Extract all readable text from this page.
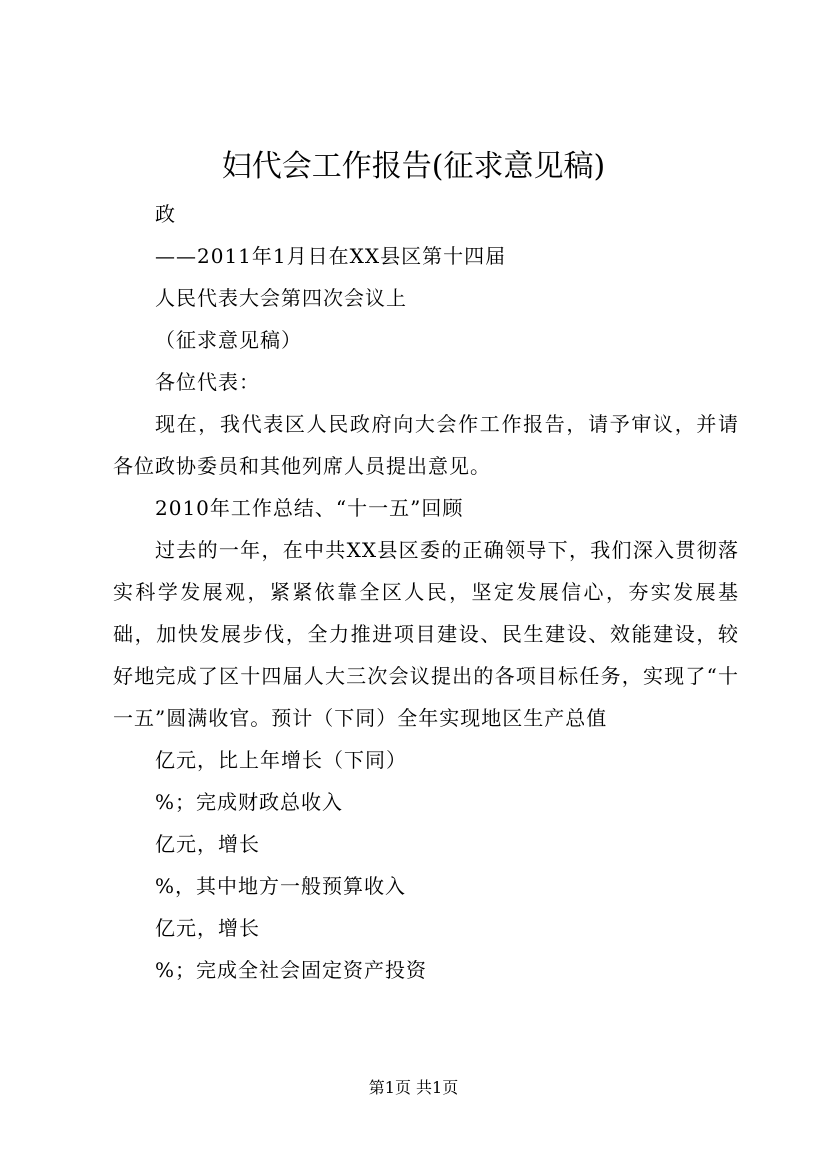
妇代会工作报告(征求意见稿)

政

——2011年1月日在XX县区第十四届

人民代表大会第四次会议上

（征求意见稿）

各位代表：

现在，我代表区人民政府向大会作工作报告，请予审议，并请各位政协委员和其他列席人员提出意见。

2010年工作总结、“十一五”回顾

过去的一年，在中共XX县区委的正确领导下，我们深入贯彻落实科学发展观，紧紧依靠全区人民，坚定发展信心，夯实发展基础，加快发展步伐，全力推进项目建设、民生建设、效能建设，较好地完成了区十四届人大三次会议提出的各项目标任务，实现了“十一五”圆满收官。预计（下同）全年实现地区生产总值

亿元，比上年增长（下同）

%；完成财政总收入

亿元，增长

%，其中地方一般预算收入

亿元，增长

%；完成全社会固定资产投资

第1页 共1页
